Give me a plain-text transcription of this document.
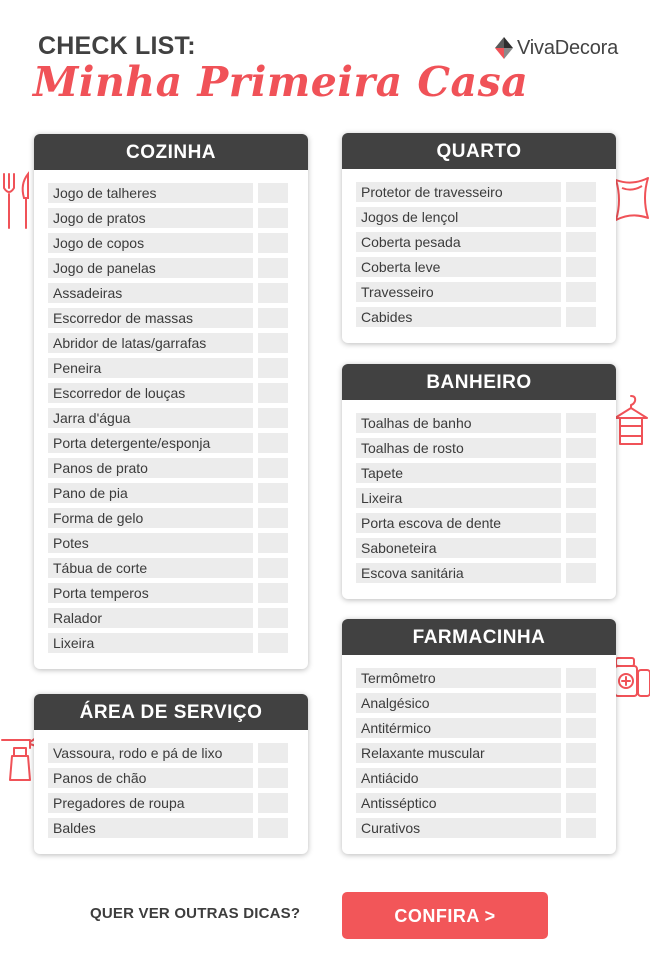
CHECK LIST:
Minha Primeira Casa
VivaDecora
COZINHA
Jogo de talheres
Jogo de pratos
Jogo de copos
Jogo de panelas
Assadeiras
Escorredor de massas
Abridor de latas/garrafas
Peneira
Escorredor de louças
Jarra d'água
Porta detergente/esponja
Panos de prato
Pano de pia
Forma de gelo
Potes
Tábua de corte
Porta temperos
Ralador
Lixeira
ÁREA DE SERVIÇO
Vassoura, rodo e pá de lixo
Panos de chão
Pregadores de roupa
Baldes
QUARTO
Protetor de travesseiro
Jogos de lençol
Coberta pesada
Coberta leve
Travesseiro
Cabides
BANHEIRO
Toalhas de banho
Toalhas de rosto
Tapete
Lixeira
Porta escova de dente
Saboneteira
Escova sanitária
FARMACINHA
Termômetro
Analgésico
Antitérmico
Relaxante muscular
Antiácido
Antisséptico
Curativos
QUER VER OUTRAS DICAS?	CONFIRA >
